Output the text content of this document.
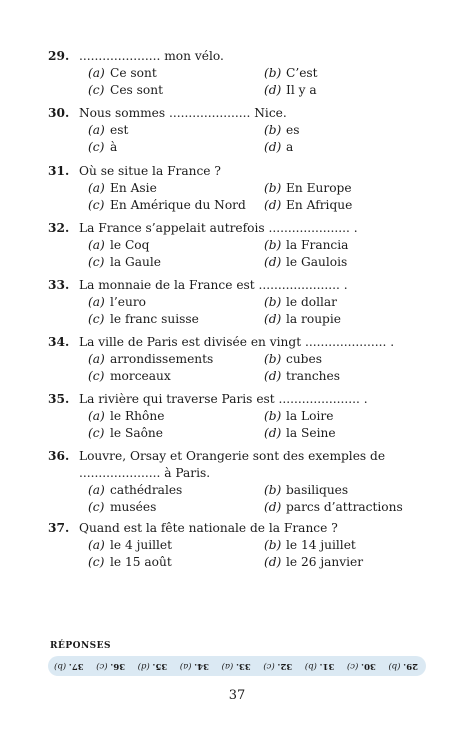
29. ..................... mon vélo.
(a) Ce sont	(b) C’est
(c) Ces sont	(d) Il y a
30. Nous sommes ..................... Nice.
(a) est	(b) es
(c) à	(d) a
31. Où se situe la France ?
(a) En Asie	(b) En Europe
(c) En Amérique du Nord (d) En Afrique
32. La France s’appelait autrefois ..................... .
(a) le Coq	(b) la Francia
(c) la Gaule	(d) le Gaulois
33. La monnaie de la France est ..................... .
(a) l’euro	(b) le dollar
(c) le franc suisse	(d) la roupie
34. La ville de Paris est divisée en vingt ..................... .
(a) arrondissements	(b) cubes
(c) morceaux	(d) tranches
35. La rivière qui traverse Paris est ..................... .
(a) le Rhône	(b) la Loire
(c) le Saône	(d) la Seine
36. Louvre, Orsay et Orangerie sont des exemples de ..................... à Paris.
(a) cathédrales	(b) basiliques
(c) musées	(d) parcs d’attractions
37. Quand est la fête nationale de la France ?
(a) le 4 juillet	(b) le 14 juillet
(c) le 15 août	(d) le 26 janvier
RÉPONSES
29. (b)
30. (c)
31. (b)
32. (c)
33. (a)
34. (a)
35. (d)
36. (c)
37. (b)
37
